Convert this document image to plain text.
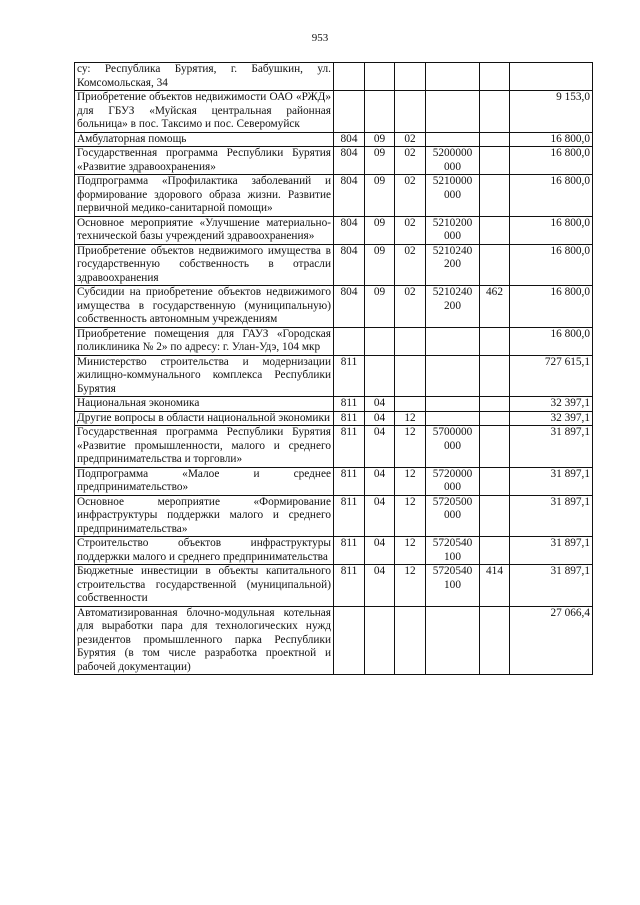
953
су: Республика Бурятия, г. Бабушкин, ул. Комсомольская, 34						
Приобретение объектов недвижимости ОАО «РЖД» для ГБУЗ «Муйская центральная районная больница» в пос. Таксимо и пос. Северомуйск						9 153,0
Амбулаторная помощь	804	09	02			16 800,0
Государственная программа Республики Бурятия «Развитие здравоохранения»	804	09	02	5200000 000		16 800,0
Подпрограмма «Профилактика заболеваний и формирование здорового образа жизни. Развитие первичной медико-санитарной помощи»	804	09	02	5210000 000		16 800,0
Основное мероприятие «Улучшение материально-технической базы учреждений здравоохранения»	804	09	02	5210200 000		16 800,0
Приобретение объектов недвижимого имущества в государственную собственность в отрасли здравоохранения	804	09	02	5210240 200		16 800,0
Субсидии на приобретение объектов недвижимого имущества в государственную (муниципальную) собственность автономным учреждениям	804	09	02	5210240 200	462	16 800,0
Приобретение помещения для ГАУЗ «Городская поликлиника № 2» по адресу: г. Улан-Удэ, 104 мкр						16 800,0
Министерство строительства и модернизации жилищно-коммунального комплекса Республики Бурятия	811					727 615,1
Национальная экономика	811	04				32 397,1
Другие вопросы в области национальной экономики	811	04	12			32 397,1
Государственная программа Республики Бурятия «Развитие промышленности, малого и среднего предпринимательства и торговли»	811	04	12	5700000 000		31 897,1
Подпрограмма «Малое и среднее предпринимательство»	811	04	12	5720000 000		31 897,1
Основное мероприятие «Формирование инфраструктуры поддержки малого и среднего предпринимательства»	811	04	12	5720500 000		31 897,1
Строительство объектов инфраструктуры поддержки малого и среднего предпринимательства	811	04	12	5720540 100		31 897,1
Бюджетные инвестиции в объекты капитального строительства государственной (муниципальной) собственности	811	04	12	5720540 100	414	31 897,1
Автоматизированная блочно-модульная котельная для выработки пара для технологических нужд резидентов промышленного парка Республики Бурятия (в том числе разработка проектной и рабочей документации)						27 066,4
